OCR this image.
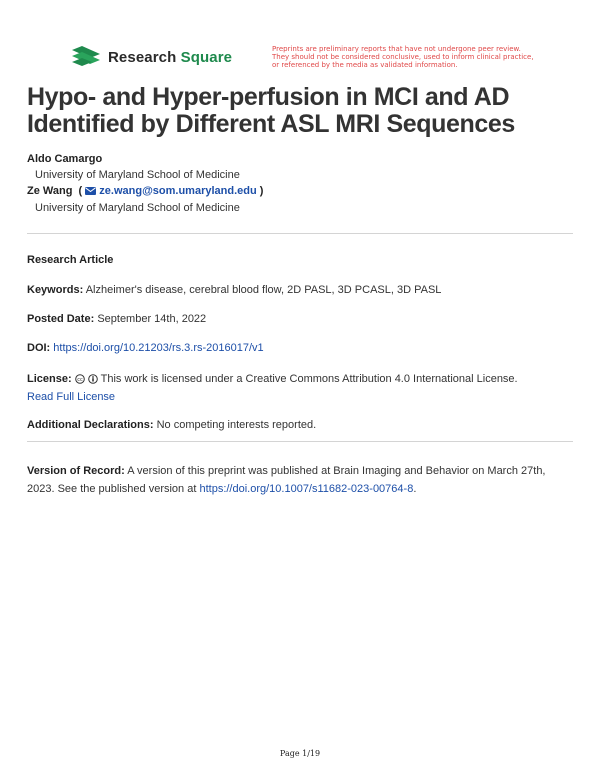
Research Square	Preprints are preliminary reports that have not undergone peer review.
They should not be considered conclusive, used to inform clinical practice,
or referenced by the media as validated information.
Hypo- and Hyper-perfusion in MCI and AD Identified by Different ASL MRI Sequences
Aldo Camargo
University of Maryland School of Medicine
Ze Wang  ( ze.wang@som.umaryland.edu )
University of Maryland School of Medicine
Research Article
Keywords: Alzheimer's disease, cerebral blood flow, 2D PASL, 3D PCASL, 3D PASL
Posted Date: September 14th, 2022
DOI: https://doi.org/10.21203/rs.3.rs-2016017/v1
License: cc This work is licensed under a Creative Commons Attribution 4.0 International License.
Read Full License
Additional Declarations: No competing interests reported.
Version of Record: A version of this preprint was published at Brain Imaging and Behavior on March 27th,
2023. See the published version at https://doi.org/10.1007/s11682-023-00764-8.
Page 1/19
